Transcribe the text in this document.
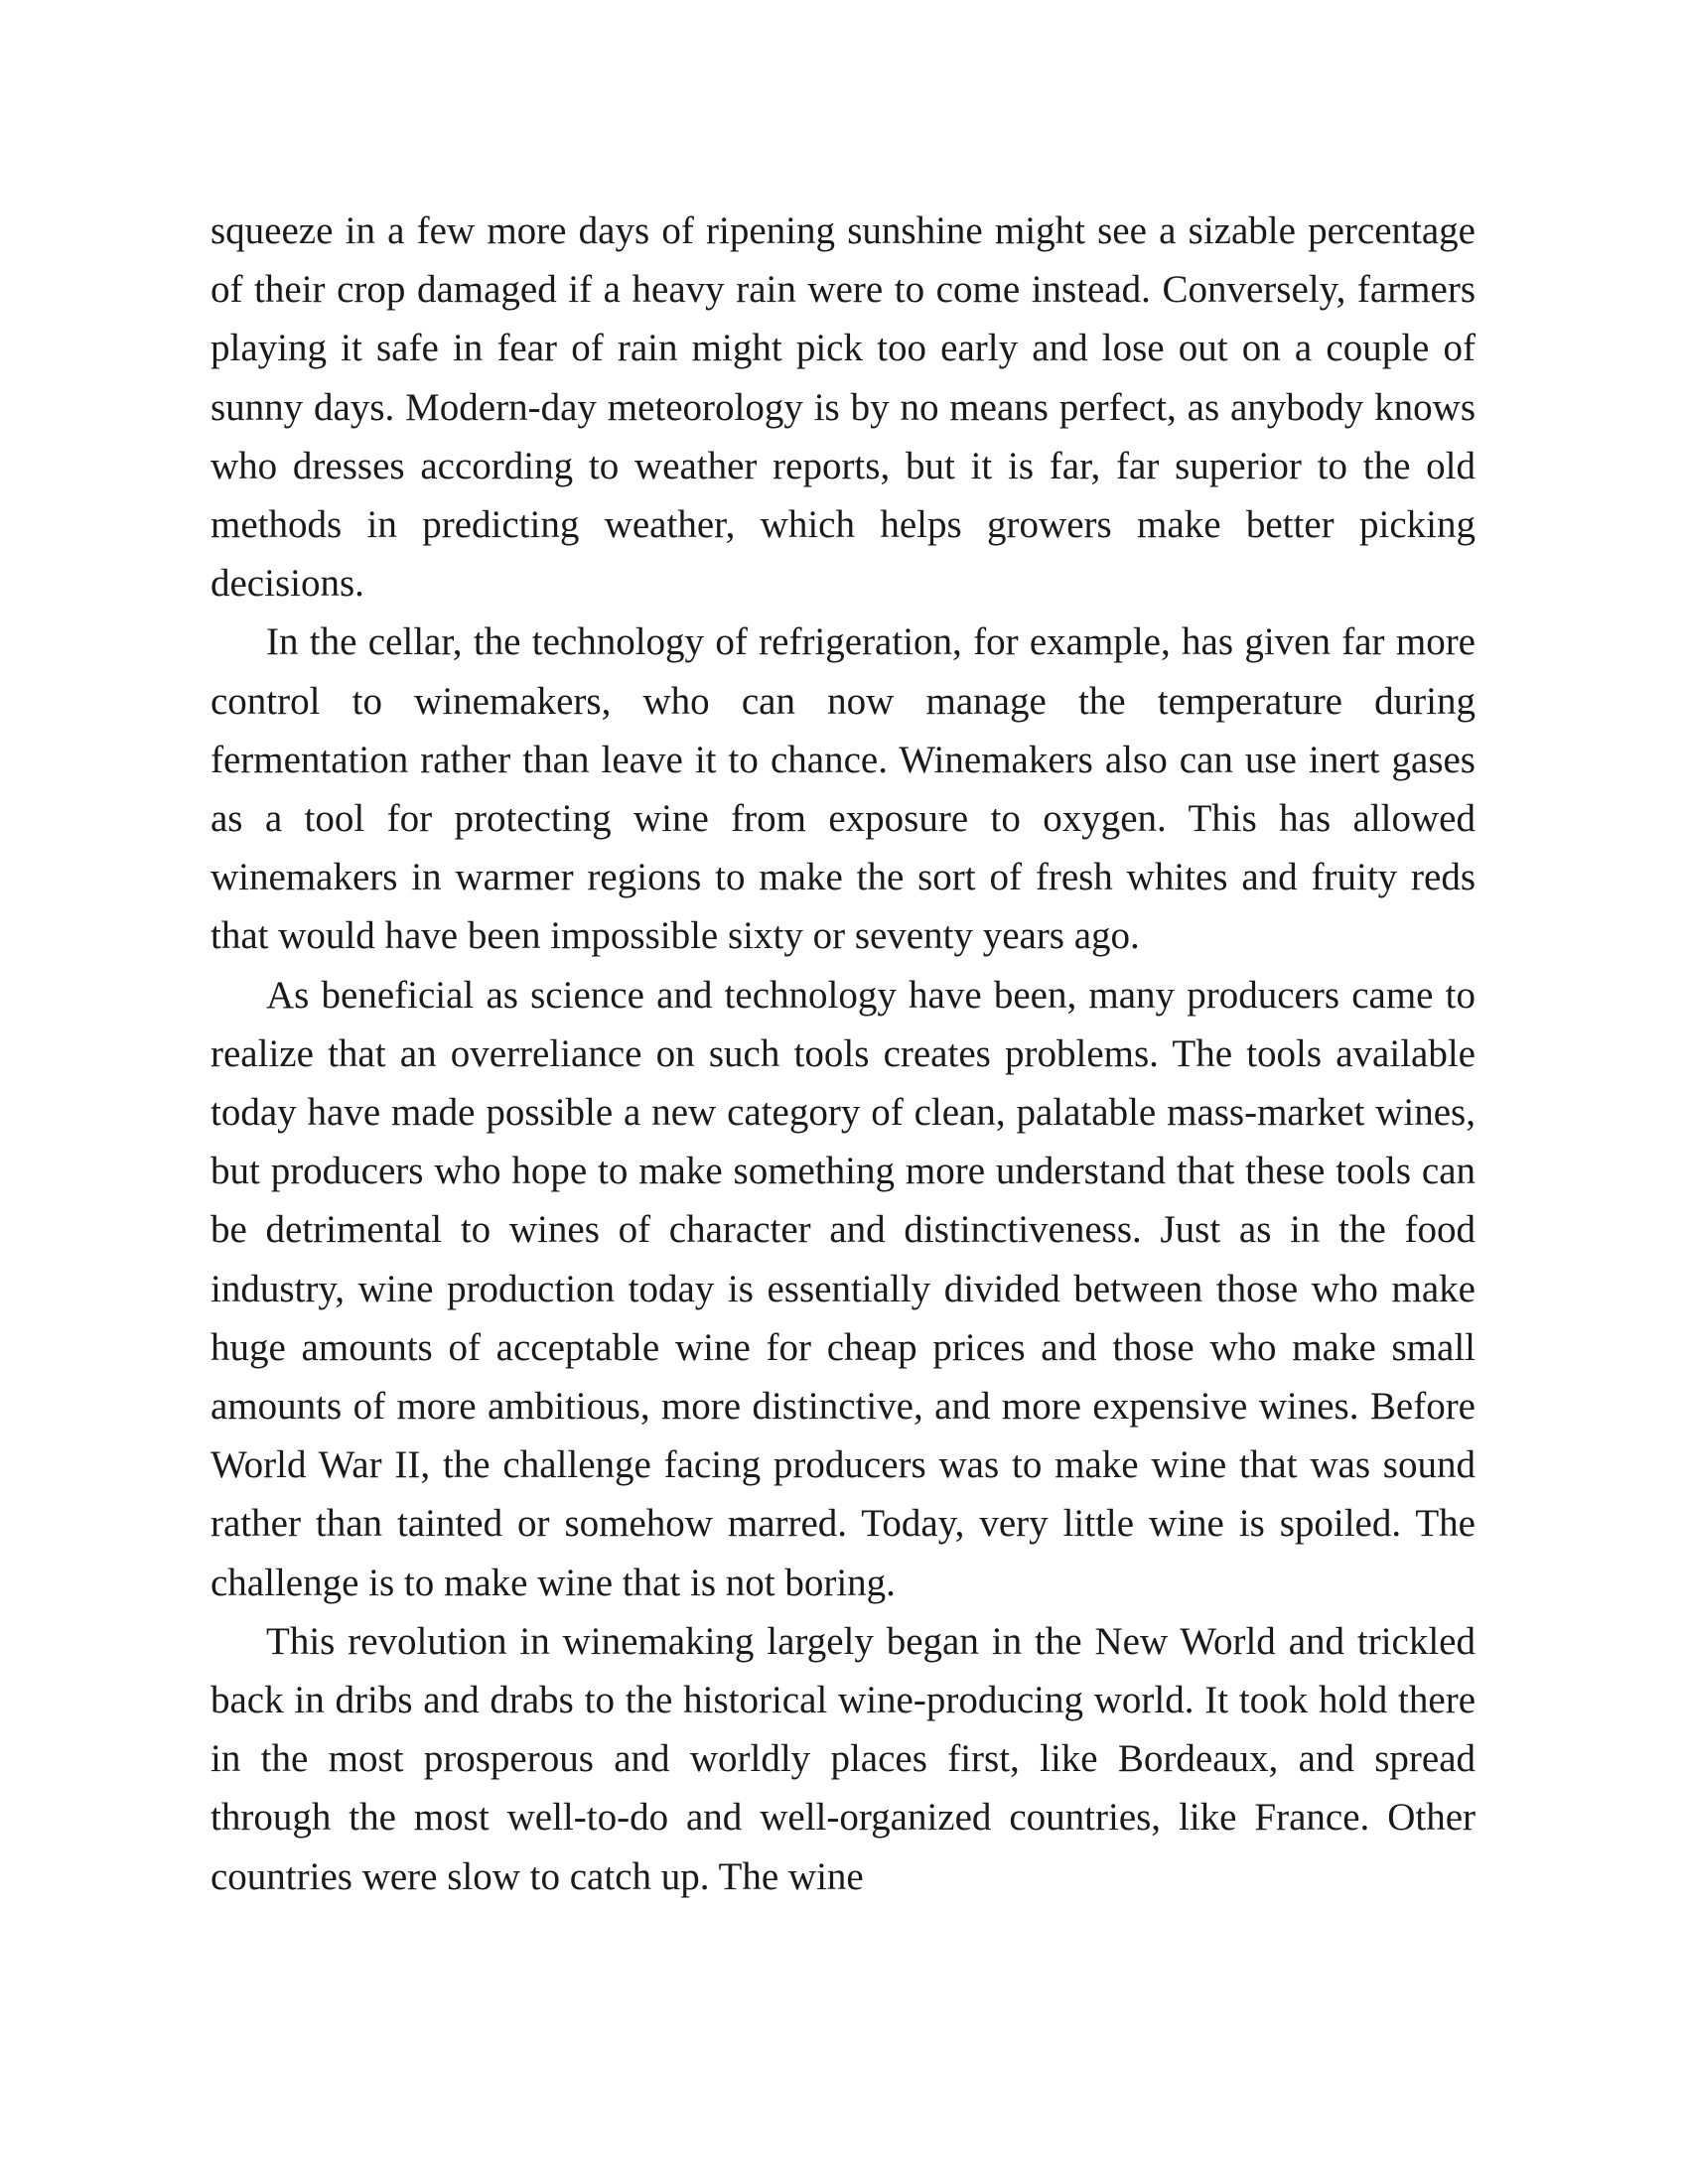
squeeze in a few more days of ripening sunshine might see a sizable percentage of their crop damaged if a heavy rain were to come instead. Conversely, farmers playing it safe in fear of rain might pick too early and lose out on a couple of sunny days. Modern-day meteorology is by no means perfect, as anybody knows who dresses according to weather reports, but it is far, far superior to the old methods in predicting weather, which helps growers make better picking decisions.

In the cellar, the technology of refrigeration, for example, has given far more control to winemakers, who can now manage the temperature during fermentation rather than leave it to chance. Winemakers also can use inert gases as a tool for protecting wine from exposure to oxygen. This has allowed winemakers in warmer regions to make the sort of fresh whites and fruity reds that would have been impossible sixty or seventy years ago.

As beneficial as science and technology have been, many producers came to realize that an overreliance on such tools creates problems. The tools available today have made possible a new category of clean, palatable mass-market wines, but producers who hope to make something more understand that these tools can be detrimental to wines of character and distinctiveness. Just as in the food industry, wine production today is essentially divided between those who make huge amounts of acceptable wine for cheap prices and those who make small amounts of more ambitious, more distinctive, and more expensive wines. Before World War II, the challenge facing producers was to make wine that was sound rather than tainted or somehow marred. Today, very little wine is spoiled. The challenge is to make wine that is not boring.

This revolution in winemaking largely began in the New World and trickled back in dribs and drabs to the historical wine-producing world. It took hold there in the most prosperous and worldly places first, like Bordeaux, and spread through the most well-to-do and well-organized countries, like France. Other countries were slow to catch up. The wine
